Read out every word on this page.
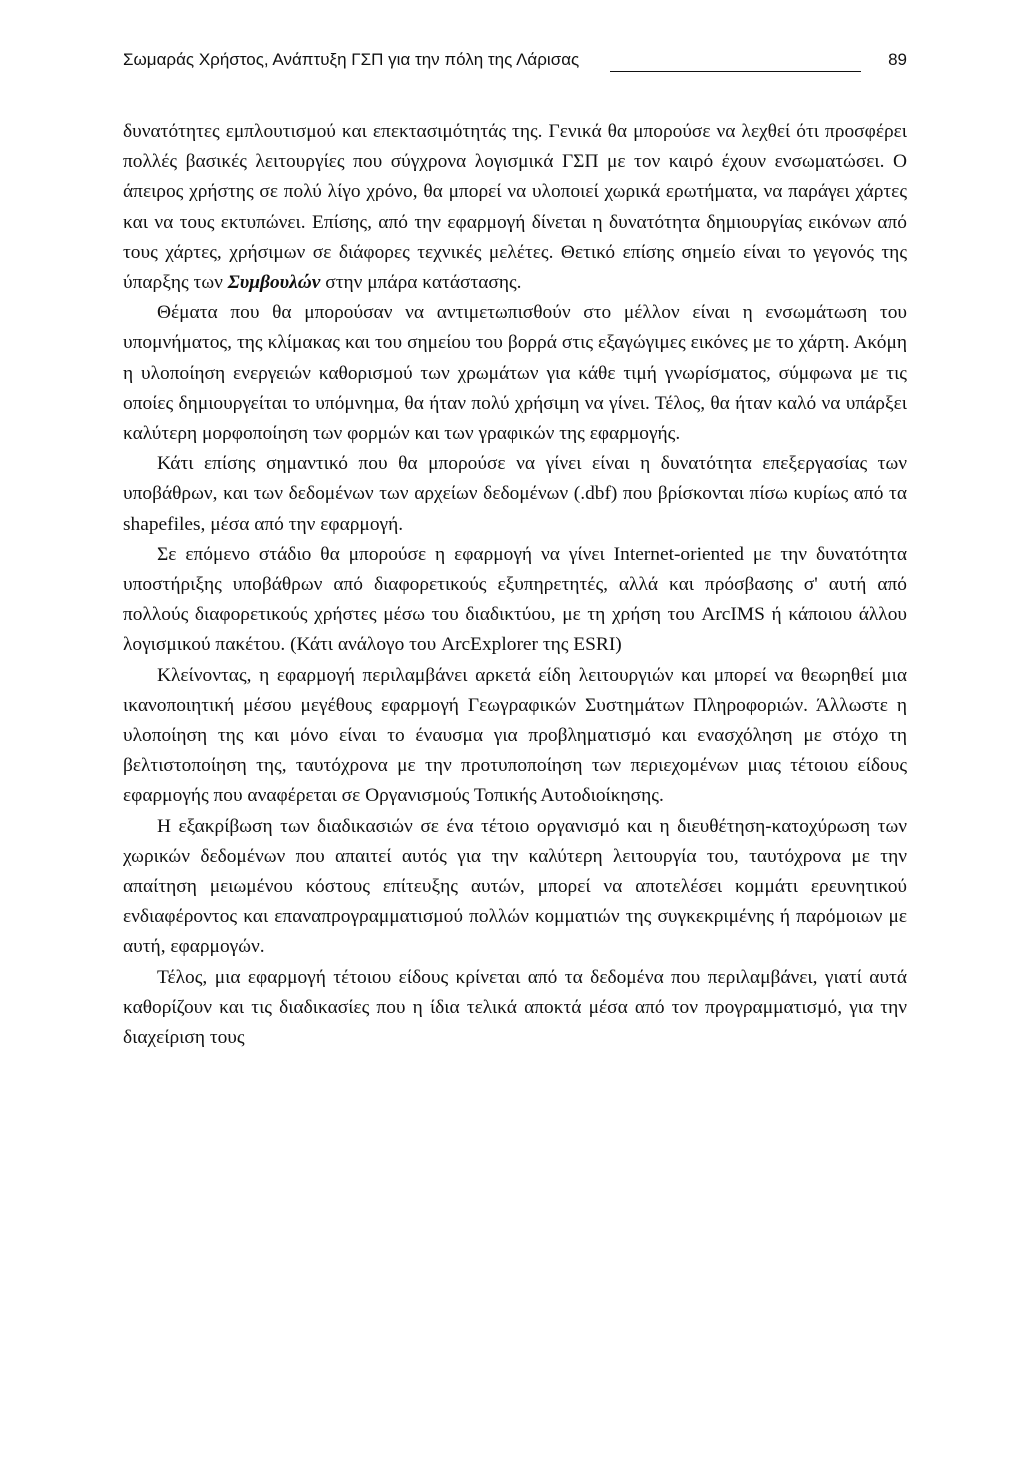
Σωμαράς Χρήστος, Ανάπτυξη ΓΣΠ για την πόλη της Λάρισας	89

δυνατότητες εμπλουτισμού και επεκτασιμότητάς της. Γενικά θα μπορούσε να λεχθεί ότι προσφέρει πολλές βασικές λειτουργίες που σύγχρονα λογισμικά ΓΣΠ με τον καιρό έχουν ενσωματώσει. Ο άπειρος χρήστης σε πολύ λίγο χρόνο, θα μπορεί να υλοποιεί χωρικά ερωτήματα, να παράγει χάρτες και να τους εκτυπώνει. Επίσης, από την εφαρμογή δίνεται η δυνατότητα δημιουργίας εικόνων από τους χάρτες, χρήσιμων σε διάφορες τεχνικές μελέτες. Θετικό επίσης σημείο είναι το γεγονός της ύπαρξης των Συμβουλών στην μπάρα κατάστασης.

Θέματα που θα μπορούσαν να αντιμετωπισθούν στο μέλλον είναι η ενσωμάτωση του υπομνήματος, της κλίμακας και του σημείου του βορρά στις εξαγώγιμες εικόνες με το χάρτη. Ακόμη η υλοποίηση ενεργειών καθορισμού των χρωμάτων για κάθε τιμή γνωρίσματος, σύμφωνα με τις οποίες δημιουργείται το υπόμνημα, θα ήταν πολύ χρήσιμη να γίνει. Τέλος, θα ήταν καλό να υπάρξει καλύτερη μορφοποίηση των φορμών και των γραφικών της εφαρμογής.

Κάτι επίσης σημαντικό που θα μπορούσε να γίνει είναι η δυνατότητα επεξεργασίας των υποβάθρων, και των δεδομένων των αρχείων δεδομένων (.dbf) που βρίσκονται πίσω κυρίως από τα shapefiles, μέσα από την εφαρμογή.

Σε επόμενο στάδιο θα μπορούσε η εφαρμογή να γίνει Internet-oriented με την δυνατότητα υποστήριξης υποβάθρων από διαφορετικούς εξυπηρετητές, αλλά και πρόσβασης σ' αυτή από πολλούς διαφορετικούς χρήστες μέσω του διαδικτύου, με τη χρήση του ArcIMS ή κάποιου άλλου λογισμικού πακέτου. (Κάτι ανάλογο του ArcExplorer της ESRI)

Κλείνοντας, η εφαρμογή περιλαμβάνει αρκετά είδη λειτουργιών και μπορεί να θεωρηθεί μια ικανοποιητική μέσου μεγέθους εφαρμογή Γεωγραφικών Συστημάτων Πληροφοριών. Άλλωστε η υλοποίηση της και μόνο είναι το έναυσμα για προβληματισμό και ενασχόληση με στόχο τη βελτιστοποίηση της, ταυτόχρονα με την προτυποποίηση των περιεχομένων μιας τέτοιου είδους εφαρμογής που αναφέρεται σε Οργανισμούς Τοπικής Αυτοδιοίκησης.

Η εξακρίβωση των διαδικασιών σε ένα τέτοιο οργανισμό και η διευθέτηση-κατοχύρωση των χωρικών δεδομένων που απαιτεί αυτός για την καλύτερη λειτουργία του, ταυτόχρονα με την απαίτηση μειωμένου κόστους επίτευξης αυτών, μπορεί να αποτελέσει κομμάτι ερευνητικού ενδιαφέροντος και επαναπρογραμματισμού πολλών κομματιών της συγκεκριμένης ή παρόμοιων με αυτή, εφαρμογών.

Τέλος, μια εφαρμογή τέτοιου είδους κρίνεται από τα δεδομένα που περιλαμβάνει, γιατί αυτά καθορίζουν και τις διαδικασίες που η ίδια τελικά αποκτά μέσα από τον προγραμματισμό, για την διαχείριση τους
